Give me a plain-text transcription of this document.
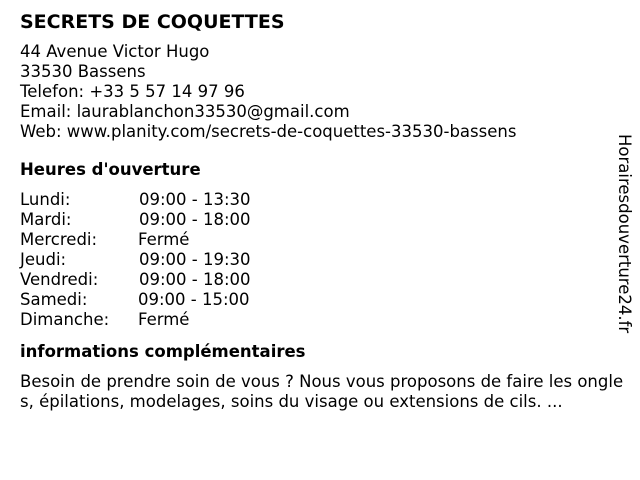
SECRETS DE COQUETTES
44 Avenue Victor Hugo
33530 Bassens
Telefon: +33 5 57 14 97 96
Email: laurablanchon33530@gmail.com
Web: www.planity.com/secrets-de-coquettes-33530-bassens
Heures d'ouverture
Lundi:	09:00 - 13:30
Mardi:	09:00 - 18:00
Mercredi:	Fermé
Jeudi:	09:00 - 19:30
Vendredi:	09:00 - 18:00
Samedi:	09:00 - 15:00
Dimanche:	Fermé
informations complémentaires
Besoin de prendre soin de vous ? Nous vous proposons de faire les ongles, épilations, modelages, soins du visage ou extensions de cils. ...
Horairesdouverture24.fr
